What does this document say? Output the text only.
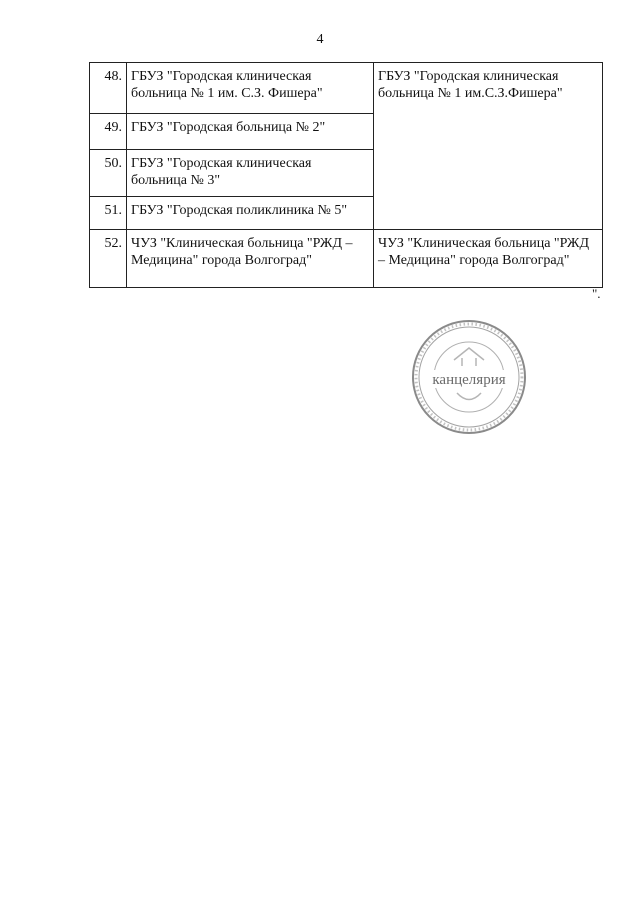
4
48.	ГБУЗ "Городская клиническая больница № 1 им. С.З. Фишера"	ГБУЗ "Городская клиническая больница № 1 им.С.З.Фишера"
49.	ГБУЗ "Городская больница № 2"	
50.	ГБУЗ "Городская клиническая больница № 3"	
51.	ГБУЗ "Городская поликлиника № 5"	
52.	ЧУЗ "Клиническая больница "РЖД – Медицина" города Волгоград"	ЧУЗ "Клиническая больница "РЖД – Медицина" города Волгоград"
".
канцелярия
